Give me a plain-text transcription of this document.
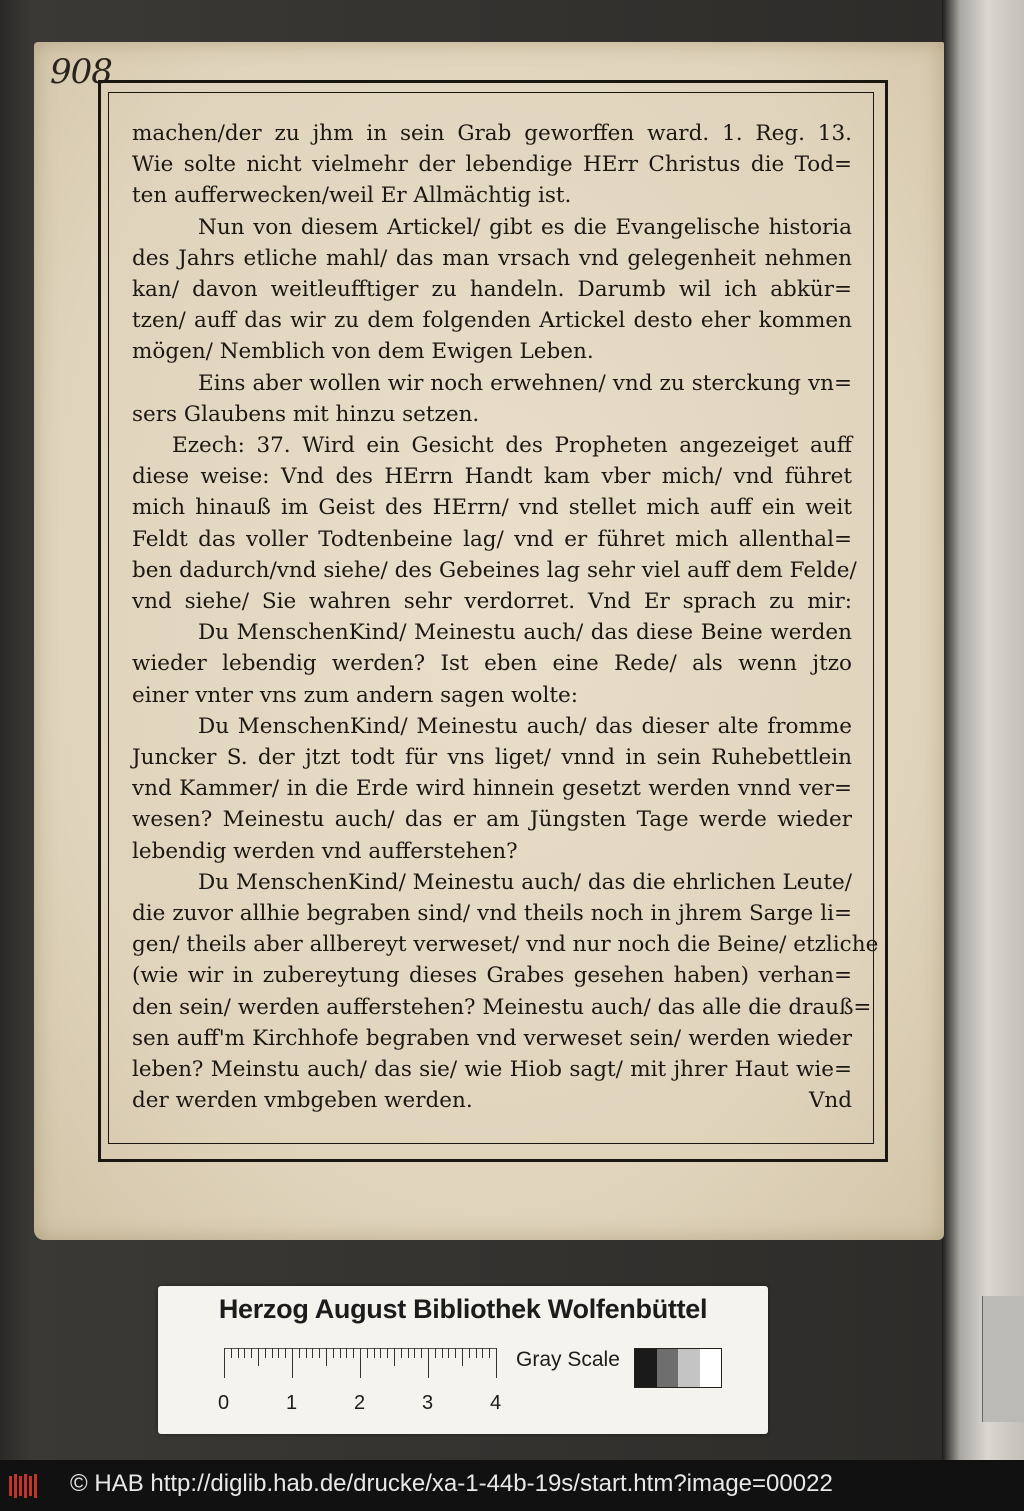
908
machen/der zu jhm in sein Grab geworffen ward. 1. Reg. 13.
Wie solte nicht vielmehr der lebendige HErr Christus die Tod=
ten aufferwecken/weil Er Allmächtig ist.
Nun von diesem Artickel/ gibt es die Evangelische historia
des Jahrs etliche mahl/ das man vrsach vnd gelegenheit nehmen
kan/ davon weitleufftiger zu handeln. Darumb wil ich abkür=
tzen/ auff das wir zu dem folgenden Artickel desto eher kommen
mögen/ Nemblich von dem Ewigen Leben.
Eins aber wollen wir noch erwehnen/ vnd zu sterckung vn=
sers Glaubens mit hinzu setzen.
Ezech: 37. Wird ein Gesicht des Propheten angezeiget auff
diese weise: Vnd des HErrn Handt kam vber mich/ vnd führet
mich hinauß im Geist des HErrn/ vnd stellet mich auff ein weit
Feldt das voller Todtenbeine lag/ vnd er führet mich allenthal=
ben dadurch/vnd siehe/ des Gebeines lag sehr viel auff dem Felde/
vnd siehe/ Sie wahren sehr verdorret. Vnd Er sprach zu mir:
Du MenschenKind/ Meinestu auch/ das diese Beine werden
wieder lebendig werden? Ist eben eine Rede/ als wenn jtzo
einer vnter vns zum andern sagen wolte:
Du MenschenKind/ Meinestu auch/ das dieser alte fromme
Juncker S. der jtzt todt für vns liget/ vnnd in sein Ruhebettlein
vnd Kammer/ in die Erde wird hinnein gesetzt werden vnnd ver=
wesen? Meinestu auch/ das er am Jüngsten Tage werde wieder
lebendig werden vnd aufferstehen?
Du MenschenKind/ Meinestu auch/ das die ehrlichen Leute/
die zuvor allhie begraben sind/ vnd theils noch in jhrem Sarge li=
gen/ theils aber allbereyt verweset/ vnd nur noch die Beine/ etzliche
(wie wir in zubereytung dieses Grabes gesehen haben) verhan=
den sein/ werden aufferstehen? Meinestu auch/ das alle die drauß=
sen auff'm Kirchhofe begraben vnd verweset sein/ werden wieder
leben? Meinstu auch/ das sie/ wie Hiob sagt/ mit jhrer Haut wie=
der werden vmbgeben werden.	Vnd
Herzog August Bibliothek Wolfenbüttel
0	1	2	3	4
Gray Scale
© HAB http://diglib.hab.de/drucke/xa-1-44b-19s/start.htm?image=00022
